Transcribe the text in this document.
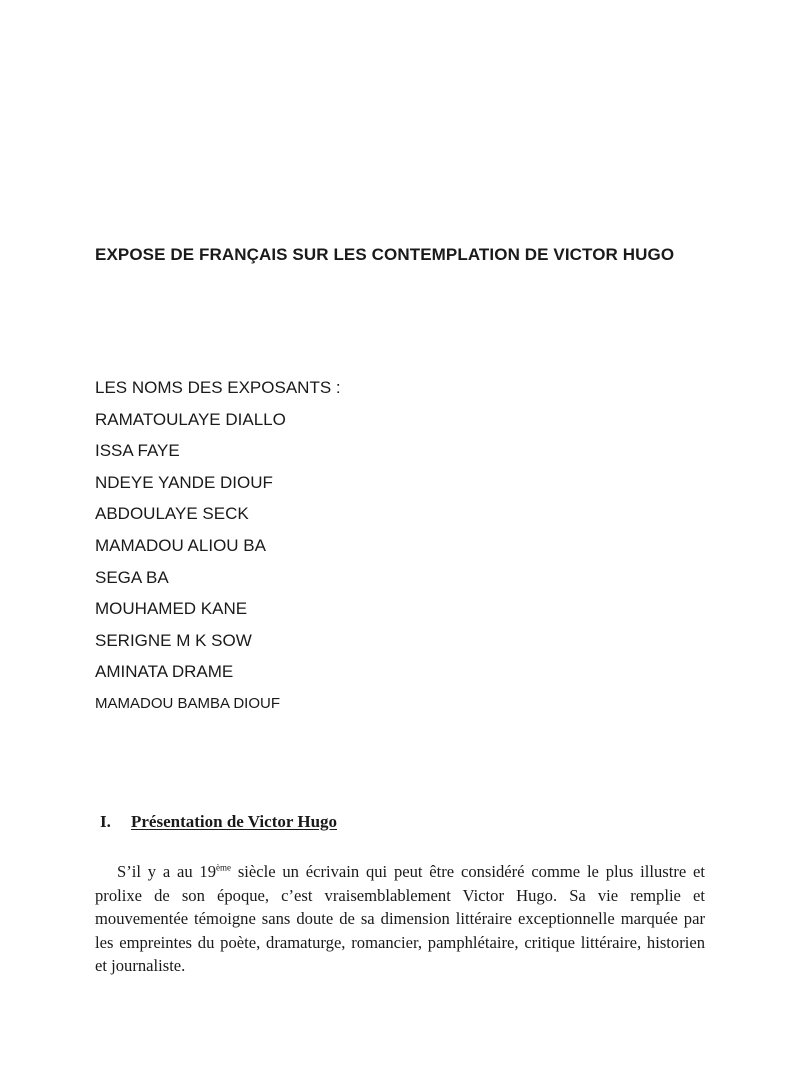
EXPOSE DE FRANÇAIS SUR LES CONTEMPLATION DE VICTOR HUGO
LES NOMS DES EXPOSANTS :
RAMATOULAYE DIALLO
ISSA FAYE
NDEYE YANDE DIOUF
ABDOULAYE SECK
MAMADOU ALIOU BA
SEGA BA
MOUHAMED KANE
SERIGNE M K SOW
AMINATA DRAME
MAMADOU BAMBA DIOUF
I. Présentation de Victor Hugo

S’il y a au 19ème siècle un écrivain qui peut être considéré comme le plus illustre et prolixe de son époque, c’est vraisemblablement Victor Hugo. Sa vie remplie et mouvementée témoigne sans doute de sa dimension littéraire exceptionnelle marquée par les empreintes du poète, dramaturge, romancier, pamphlétaire, critique littéraire, historien et journaliste.
